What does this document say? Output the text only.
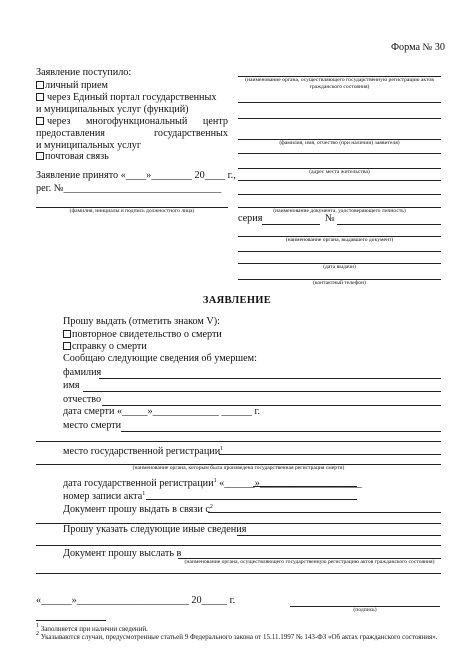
Форма № 30
Заявление поступило:
личный прием
через Единый портал государственных
и муниципальных услуг (функций)
через многофункциональный центр
предоставления государственных
и муниципальных услуг
почтовая связь
Заявление принято «____»________ 20____ г.,
рег. №_______________________________
(фамилия, инициалы и подпись должностного лица)
(наименование органа, осуществляющего государственную регистрацию актов гражданского состояния)
(фамилия, имя, отчество (при наличии) заявителя)
(адрес места жительства)
(наименование документа, удостоверяющего личность)
серия	№
(наименование органа, выдавшего документ)
(дата выдачи)
(контактный телефон)
ЗАЯВЛЕНИЕ
Прошу выдать (отметить знаком V):
повторное свидетельство о смерти
справку о смерти
Сообщаю следующие сведения об умершем:
фамилия
имя
отчество
дата смерти «_____»_____________ ______ г.
место смерти
место государственной регистрации$^1$
(наименование органа, которым была произведена государственная регистрация смерти)
дата государственной регистрации$^1$ «______»____________________
номер записи акта$^1$
Документ прошу выдать в связи $с^2$
Прошу указать следующие иные сведения
Документ прошу выслать в
(наименование органа, осуществляющего государственную регистрацию актов гражданского состояния)
«______»______________________ 20_____ г.
(подпись)
1 Заполняется при наличии сведений.
2 Указываются случаи, предусмотренные статьей 9 Федерального закона от 15.11.1997 № 143-ФЗ «Об актах гражданского состояния».
